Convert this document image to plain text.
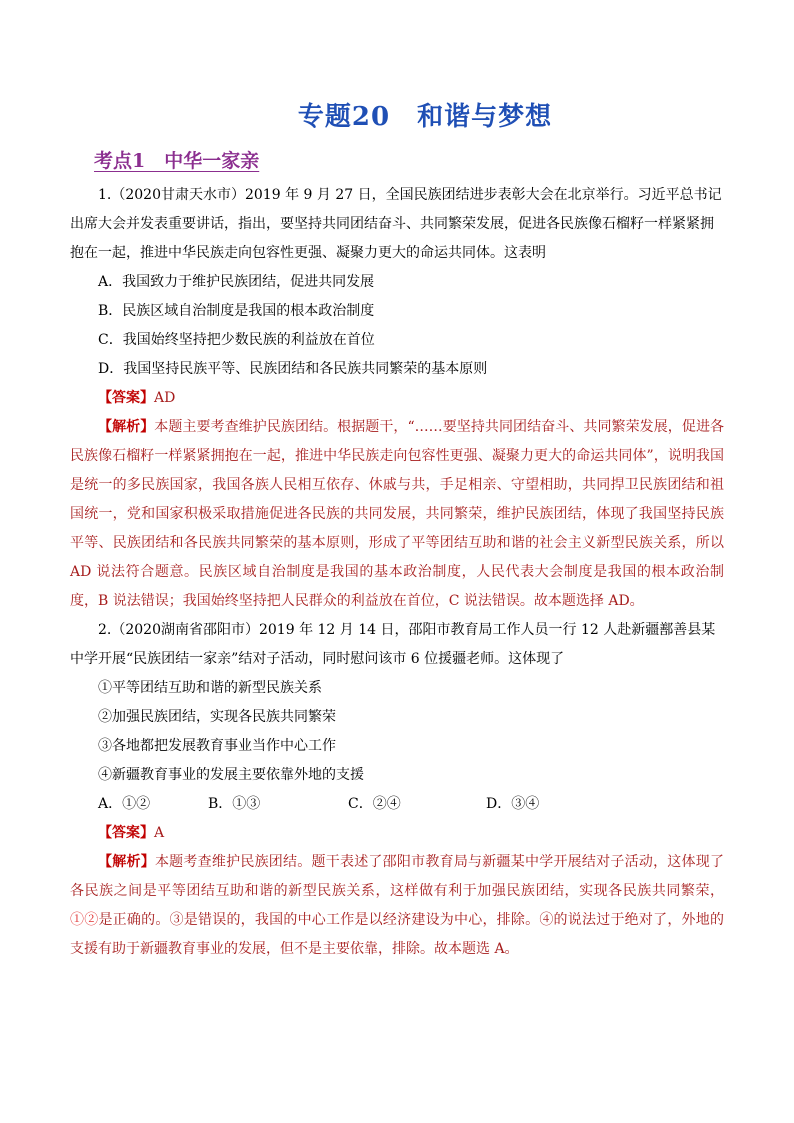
专题20　和谐与梦想
考点1　中华一家亲

1.（2020甘肃天水市）2019 年 9 月 27 日，全国民族团结进步表彰大会在北京举行。习近平总书记出席大会并发表重要讲话，指出，要坚持共同团结奋斗、共同繁荣发展，促进各民族像石榴籽一样紧紧拥抱在一起，推进中华民族走向包容性更强、凝聚力更大的命运共同体。这表明

A．我国致力于维护民族团结，促进共同发展

B．民族区域自治制度是我国的根本政治制度

C．我国始终坚持把少数民族的利益放在首位

D．我国坚持民族平等、民族团结和各民族共同繁荣的基本原则

【答案】AD

【解析】本题主要考查维护民族团结。根据题干，“……要坚持共同团结奋斗、共同繁荣发展，促进各民族像石榴籽一样紧紧拥抱在一起，推进中华民族走向包容性更强、凝聚力更大的命运共同体”，说明我国是统一的多民族国家，我国各族人民相互依存、休戚与共，手足相亲、守望相助，共同捍卫民族团结和祖国统一，党和国家积极采取措施促进各民族的共同发展，共同繁荣，维护民族团结，体现了我国坚持民族平等、民族团结和各民族共同繁荣的基本原则，形成了平等团结互助和谐的社会主义新型民族关系，所以 AD 说法符合题意。民族区域自治制度是我国的基本政治制度，人民代表大会制度是我国的根本政治制度，B 说法错误；我国始终坚持把人民群众的利益放在首位，C 说法错误。故本题选择 AD。

2.（2020湖南省邵阳市）2019 年 12 月 14 日，邵阳市教育局工作人员一行 12 人赴新疆鄯善县某中学开展“民族团结一家亲”结对子活动，同时慰问该市 6 位援疆老师。这体现了

①平等团结互助和谐的新型民族关系

②加强民族团结，实现各民族共同繁荣

③各地都把发展教育事业当作中心工作

④新疆教育事业的发展主要依靠外地的支援

A．①②	B．①③	C．②④	D．③④

【答案】A

【解析】本题考查维护民族团结。题干表述了邵阳市教育局与新疆某中学开展结对子活动，这体现了各民族之间是平等团结互助和谐的新型民族关系，这样做有利于加强民族团结，实现各民族共同繁荣，①②是正确的。③是错误的，我国的中心工作是以经济建设为中心，排除。④的说法过于绝对了，外地的支援有助于新疆教育事业的发展，但不是主要依靠，排除。故本题选 A。
